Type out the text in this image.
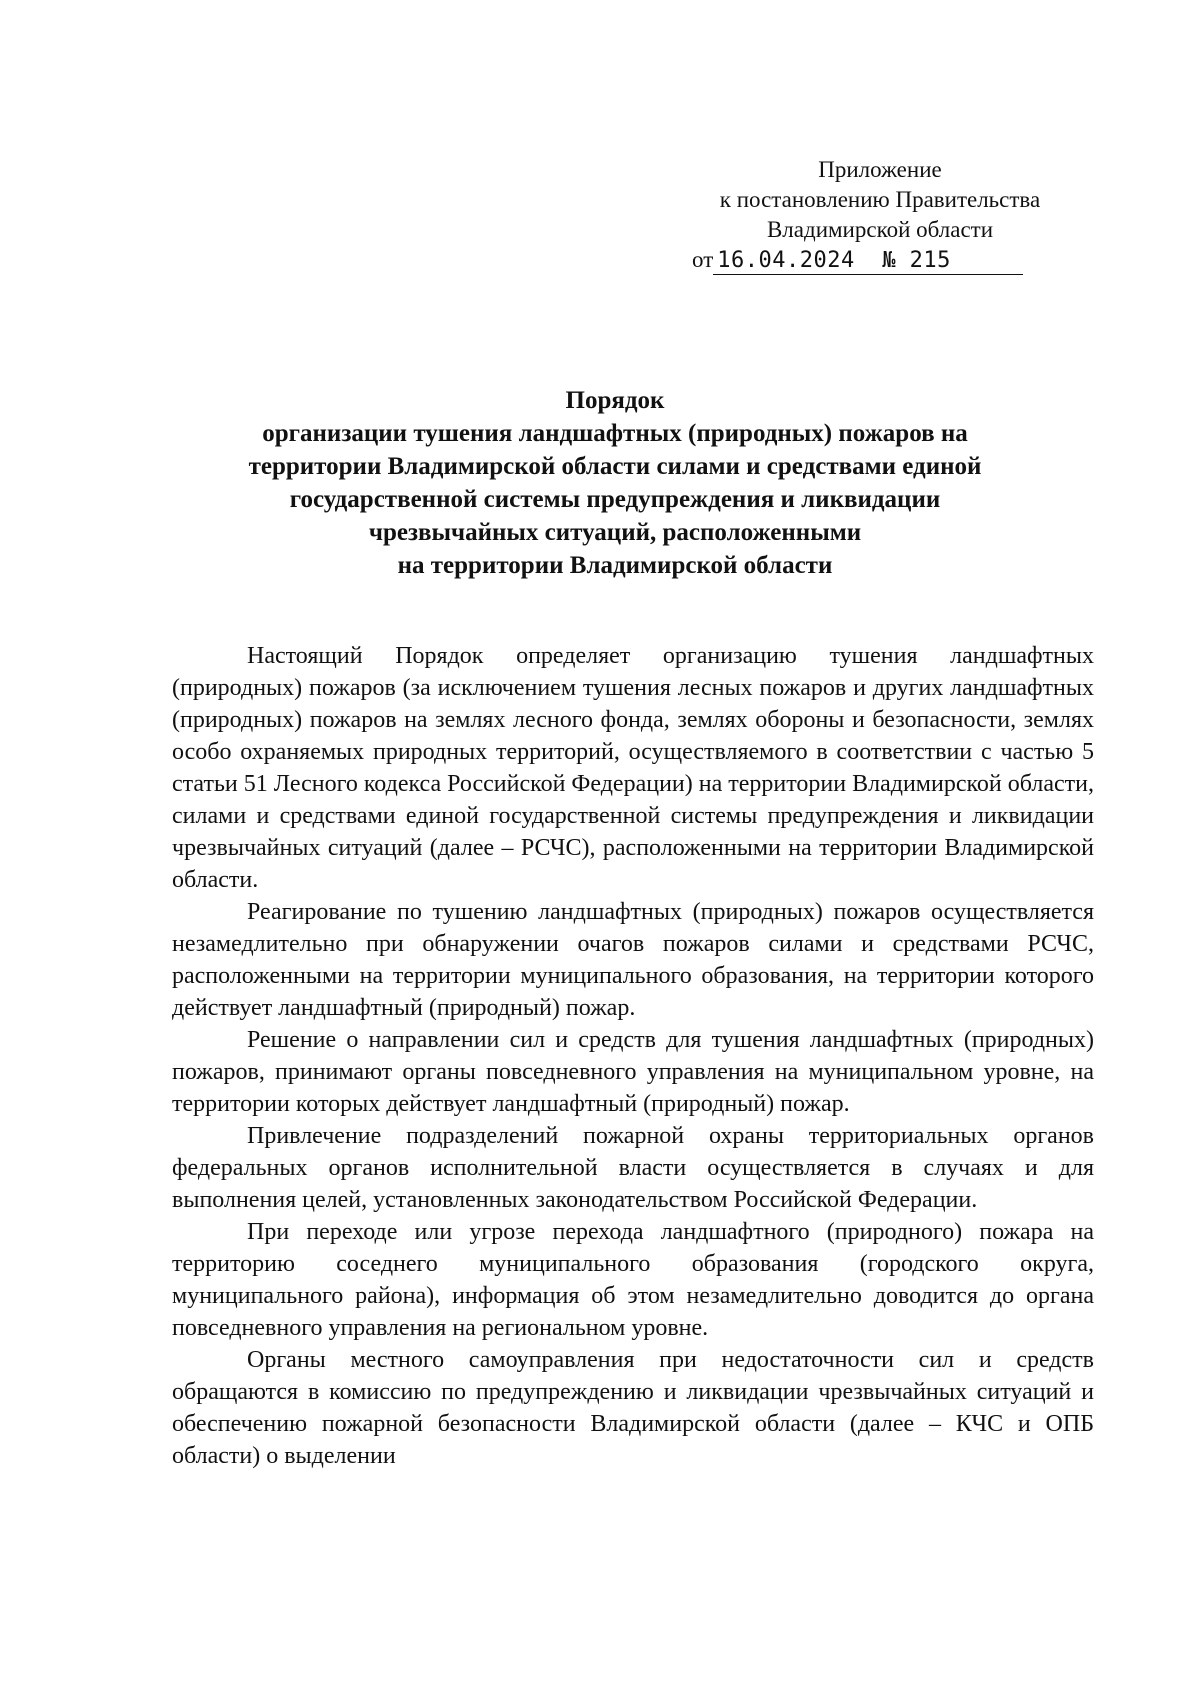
Приложение
к постановлению Правительства
Владимирской области
от 16.04.2024  № 215
Порядок
организации тушения ландшафтных (природных) пожаров на
территории Владимирской области силами и средствами единой
государственной системы предупреждения и ликвидации
чрезвычайных ситуаций, расположенными
на территории Владимирской области

Настоящий Порядок определяет организацию тушения ландшафтных (природных) пожаров (за исключением тушения лесных пожаров и других ландшафтных (природных) пожаров на землях лесного фонда, землях обороны и безопасности, землях особо охраняемых природных территорий, осуществляемого в соответствии с частью 5 статьи 51 Лесного кодекса Российской Федерации) на территории Владимирской области, силами и средствами единой государственной системы предупреждения и ликвидации чрезвычайных ситуаций (далее – РСЧС), расположенными на территории Владимирской области.

Реагирование по тушению ландшафтных (природных) пожаров осуществляется незамедлительно при обнаружении очагов пожаров силами и средствами РСЧС, расположенными на территории муниципального образования, на территории которого действует ландшафтный (природный) пожар.

Решение о направлении сил и средств для тушения ландшафтных (природных) пожаров, принимают органы повседневного управления на муниципальном уровне, на территории которых действует ландшафтный (природный) пожар.

Привлечение подразделений пожарной охраны территориальных органов федеральных органов исполнительной власти осуществляется в случаях и для выполнения целей, установленных законодательством Российской Федерации.

При переходе или угрозе перехода ландшафтного (природного) пожара на территорию соседнего муниципального образования (городского округа, муниципального района), информация об этом незамедлительно доводится до органа повседневного управления на региональном уровне.

Органы местного самоуправления при недостаточности сил и средств обращаются в комиссию по предупреждению и ликвидации чрезвычайных ситуаций и обеспечению пожарной безопасности Владимирской области (далее – КЧС и ОПБ области) о выделении
